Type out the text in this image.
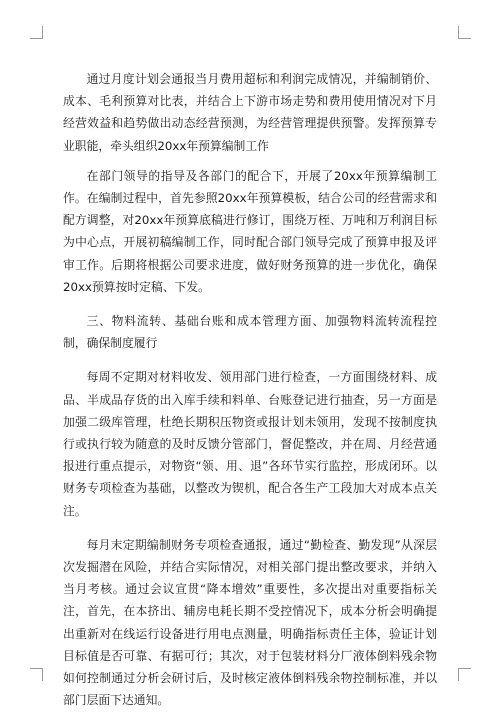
通过月度计划会通报当月费用超标和利润完成情况，并编制销价、成本、毛利预算对比表，并结合上下游市场走势和费用使用情况对下月经营效益和趋势做出动态经营预测，为经营管理提供预警。发挥预算专业职能，牵头组织20xx年预算编制工作

在部门领导的指导及各部门的配合下，开展了20xx年预算编制工作。在编制过程中，首先参照20xx年预算模板，结合公司的经营需求和配方调整，对20xx年预算底稿进行修订，围绕万桎、万吨和万利润目标为中心点，开展初稿编制工作，同时配合部门领导完成了预算申报及评审工作。后期将根据公司要求进度，做好财务预算的进一步优化，确保20xx预算按时定稿、下发。

三、物料流转、基础台账和成本管理方面、加强物料流转流程控制，确保制度履行

每周不定期对材料收发、领用部门进行检查，一方面围绕材料、成品、半成品存货的出入库手续和料单、台账登记进行抽查，另一方面是加强二级库管理，杜绝长期积压物资或报计划未领用，发现不按制度执行或执行较为随意的及时反馈分管部门，督促整改，并在周、月经营通报进行重点提示，对物资“领、用、退”各环节实行监控，形成闭环。以财务专项检查为基础，以整改为锲机，配合各生产工段加大对成本点关注。

每月末定期编制财务专项检查通报，通过“勤检查、勤发现”从深层次发掘潜在风险，并结合实际情况，对相关部门提出整改要求，并纳入当月考核。通过会议宣贯“降本增效”重要性，多次提出对重要指标关注，首先，在本挤出、辅房电耗长期不受控情况下，成本分析会明确提出重新对在线运行设备进行用电点测量，明确指标责任主体，验证计划目标值是否可靠、有据可行；其次，对于包装材料分厂液体倒料残余物如何控制通过分析会研讨后，及时核定液体倒料残余物控制标准，并以部门层面下达通知。
